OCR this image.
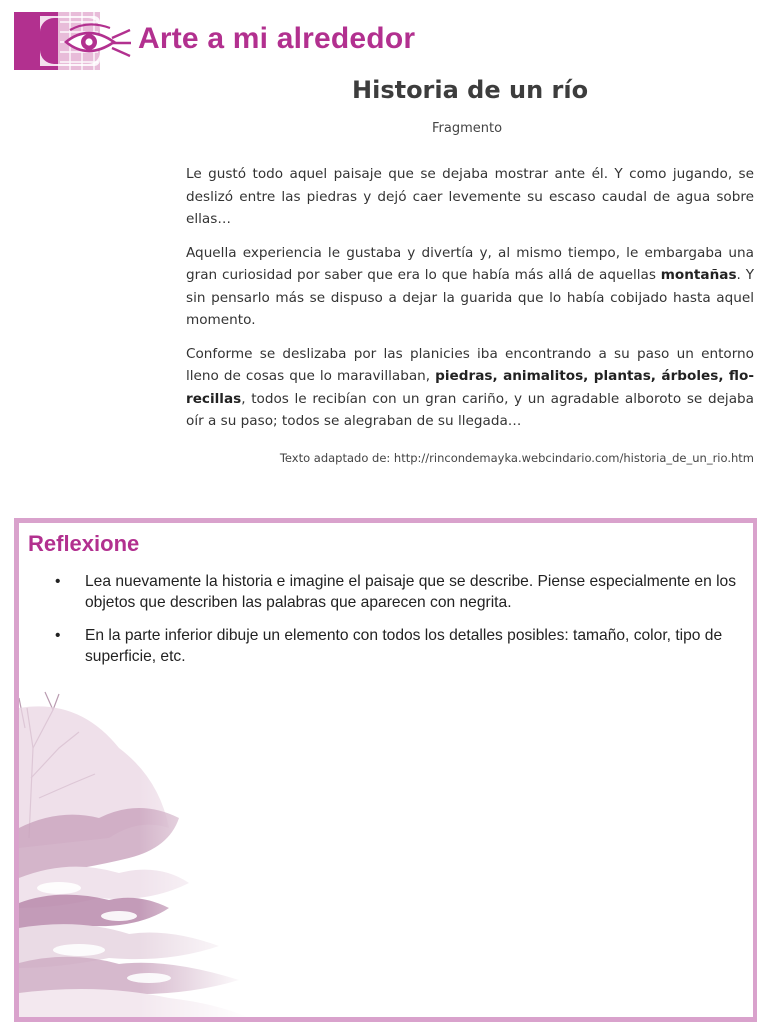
Arte a mi alrededor
Historia de un río

Fragmento

Le gustó todo aquel paisaje que se dejaba mostrar ante él. Y como jugando, se deslizó entre las piedras y dejó caer levemente su escaso caudal de agua sobre ellas…

Aquella experiencia le gustaba y divertía y, al mismo tiempo, le embargaba una gran curiosidad por saber que era lo que había más allá de aquellas montañas. Y sin pensarlo más se dispuso a dejar la guarida que lo había cobijado hasta aquel momento.

Conforme se deslizaba por las planicies iba encontrando a su paso un entorno lleno de cosas que lo maravillaban, piedras, animalitos, plantas, árboles, flo-recillas, todos le recibían con un gran cariño, y un agradable alboroto se dejaba oír a su paso; todos se alegraban de su llegada…

Texto adaptado de: http://rincondemayka.webcindario.com/historia_de_un_rio.htm

Reflexione
• Lea nuevamente la historia e imagine el paisaje que se describe. Piense especialmente en los objetos que describen las palabras que aparecen con negrita.
• En la parte inferior dibuje un elemento con todos los detalles posibles: tamaño, color, tipo de superficie, etc.
